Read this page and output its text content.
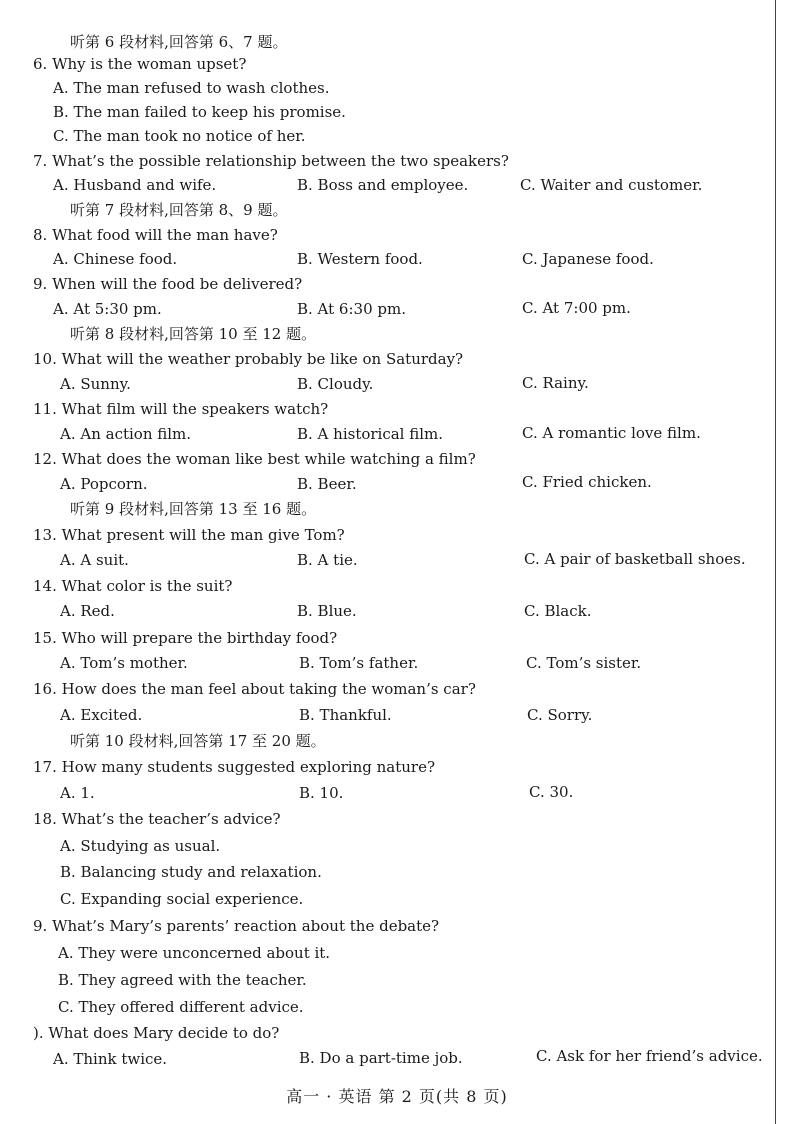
听第 6 段材料,回答第 6、7 题。
6. Why is the woman upset?
A. The man refused to wash clothes.
B. The man failed to keep his promise.
C. The man took no notice of her.
7. What’s the possible relationship between the two speakers?
A. Husband and wife.	B. Boss and employee.	C. Waiter and customer.
听第 7 段材料,回答第 8、9 题。
8. What food will the man have?
A. Chinese food.	B. Western food.	C. Japanese food.
9. When will the food be delivered?
A. At 5:30 pm.	B. At 6:30 pm.	C. At 7:00 pm.
听第 8 段材料,回答第 10 至 12 题。
10. What will the weather probably be like on Saturday?
A. Sunny.	B. Cloudy.	C. Rainy.
11. What film will the speakers watch?
A. An action film.	B. A historical film.	C. A romantic love film.
12. What does the woman like best while watching a film?
A. Popcorn.	B. Beer.	C. Fried chicken.
听第 9 段材料,回答第 13 至 16 题。
13. What present will the man give Tom?
A. A suit.	B. A tie.	C. A pair of basketball shoes.
14. What color is the suit?
A. Red.	B. Blue.	C. Black.
15. Who will prepare the birthday food?
A. Tom’s mother.	B. Tom’s father.	C. Tom’s sister.
16. How does the man feel about taking the woman’s car?
A. Excited.	B. Thankful.	C. Sorry.
听第 10 段材料,回答第 17 至 20 题。
17. How many students suggested exploring nature?
A. 1.	B. 10.	C. 30.
18. What’s the teacher’s advice?
A. Studying as usual.
B. Balancing study and relaxation.
C. Expanding social experience.
9. What’s Mary’s parents’ reaction about the debate?
A. They were unconcerned about it.
B. They agreed with the teacher.
C. They offered different advice.
). What does Mary decide to do?
A. Think twice.	B. Do a part-time job.	C. Ask for her friend’s advice.
高一 · 英语 第 2 页(共 8 页)
